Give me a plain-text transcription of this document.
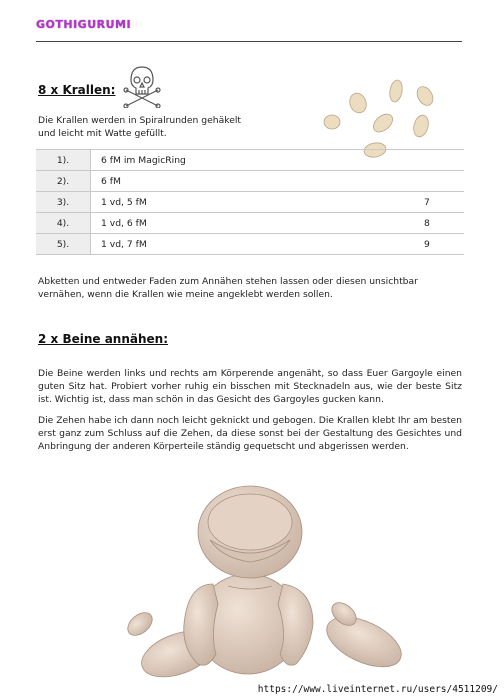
GOTHIGURUMI
8 x Krallen:
Die Krallen werden in Spiralrunden gehäkelt
und leicht mit Watte gefüllt.
1).	6 fM im MagicRing	
2).	6 fM	
3).	1 vd, 5 fM	7
4).	1 vd, 6 fM	8
5).	1 vd, 7 fM	9
Abketten und entweder Faden zum Annähen stehen lassen oder diesen unsichtbar
vernähen, wenn die Krallen wie meine angeklebt werden sollen.
2 x Beine annähen:
Die Beine werden links und rechts am Körperende angenäht, so dass Euer Gargoyle einen guten Sitz hat. Probiert vorher ruhig ein bisschen mit Stecknadeln aus, wie der beste Sitz ist. Wichtig ist, dass man schön in das Gesicht des Gargoyles gucken kann.
Die Zehen habe ich dann noch leicht geknickt und gebogen. Die Krallen klebt Ihr am besten erst ganz zum Schluss auf die Zehen, da diese sonst bei der Gestaltung des Gesichtes und Anbringung der anderen Körperteile ständig gequetscht und abgerissen werden.
https://www.liveinternet.ru/users/4511209/
